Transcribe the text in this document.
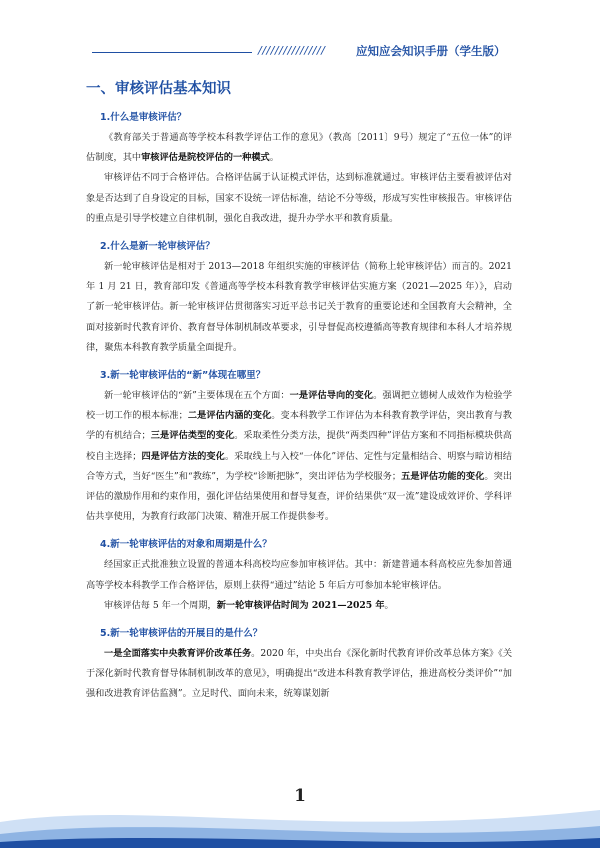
////////////////	应知应会知识手册（学生版）
一、审核评估基本知识
1.什么是审核评估？

《教育部关于普通高等学校本科教学评估工作的意见》（教高〔2011〕9号）规定了“五位一体”的评估制度，其中审核评估是院校评估的一种模式。

审核评估不同于合格评估。合格评估属于认证模式评估，达到标准就通过。审核评估主要看被评估对象是否达到了自身设定的目标，国家不设统一评估标准，结论不分等级，形成写实性审核报告。审核评估的重点是引导学校建立自律机制，强化自我改进，提升办学水平和教育质量。

2.什么是新一轮审核评估？

新一轮审核评估是相对于 2013—2018 年组织实施的审核评估（简称上轮审核评估）而言的。2021 年 1 月 21 日，教育部印发《普通高等学校本科教育教学审核评估实施方案（2021—2025 年）》，启动了新一轮审核评估。新一轮审核评估贯彻落实习近平总书记关于教育的重要论述和全国教育大会精神，全面对接新时代教育评价、教育督导体制机制改革要求，引导督促高校遵循高等教育规律和本科人才培养规律，聚焦本科教育教学质量全面提升。

3.新一轮审核评估的“新”体现在哪里？

新一轮审核评估的“新”主要体现在五个方面：一是评估导向的变化。强调把立德树人成效作为检验学校一切工作的根本标准；二是评估内涵的变化。变本科教学工作评估为本科教育教学评估，突出教育与教学的有机结合；三是评估类型的变化。采取柔性分类方法，提供“两类四种”评估方案和不同指标模块供高校自主选择；四是评估方法的变化。采取线上与入校“一体化”评估、定性与定量相结合、明察与暗访相结合等方式，当好“医生”和“教练”，为学校“诊断把脉”，突出评估为学校服务；五是评估功能的变化。突出评估的激励作用和约束作用，强化评估结果使用和督导复查，评价结果供“双一流”建设成效评价、学科评估共享使用，为教育行政部门决策、精准开展工作提供参考。

4.新一轮审核评估的对象和周期是什么？

经国家正式批准独立设置的普通本科高校均应参加审核评估。其中：新建普通本科高校应先参加普通高等学校本科教学工作合格评估，原则上获得“通过”结论 5 年后方可参加本轮审核评估。

审核评估每 5 年一个周期，新一轮审核评估时间为 2021—2025 年。

5.新一轮审核评估的开展目的是什么？

一是全面落实中央教育评价改革任务。2020 年，中央出台《深化新时代教育评价改革总体方案》《关于深化新时代教育督导体制机制改革的意见》，明确提出“改进本科教育教学评估，推进高校分类评价”“加强和改进教育评估监测”。立足时代、面向未来，统筹谋划新

1
